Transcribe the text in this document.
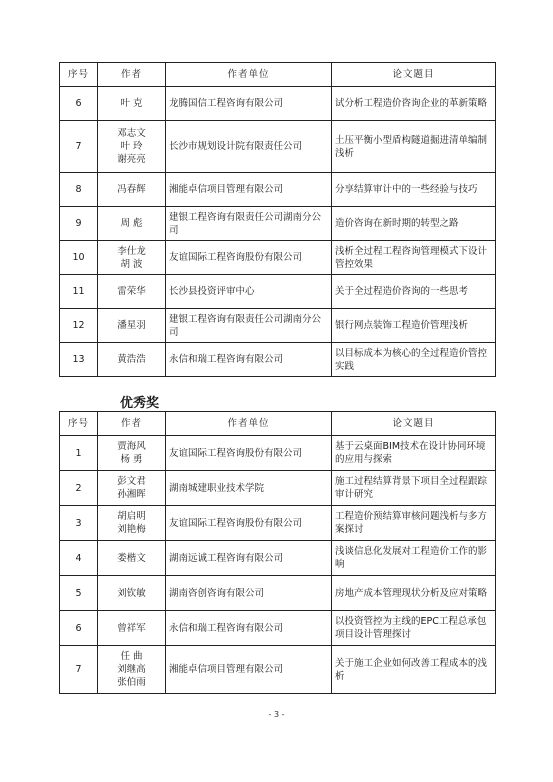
序号	作者	作者单位	论文题目
6	叶 克	龙腾国信工程咨询有限公司	试分析工程造价咨询企业的革新策略
7	邓志文
叶 玲
谢亮亮	长沙市规划设计院有限责任公司	土压平衡小型盾构隧道掘进清单编制浅析
8	冯春辉	湘能卓信项目管理有限公司	分享结算审计中的一些经验与技巧
9	周 彪	建银工程咨询有限责任公司湖南分公司	造价咨询在新时期的转型之路
10	李仕龙
胡 波	友谊国际工程咨询股份有限公司	浅析全过程工程咨询管理模式下设计管控效果
11	雷荣华	长沙县投资评审中心	关于全过程造价咨询的一些思考
12	潘星羽	建银工程咨询有限责任公司湖南分公司	银行网点装饰工程造价管理浅析
13	黄浩浩	永信和瑞工程咨询有限公司	以目标成本为核心的全过程造价管控实践

优秀奖

序号	作者	作者单位	论文题目
1	贾海风
杨 勇	友谊国际工程咨询股份有限公司	基于云桌面BIM技术在设计协同环境的应用与探索
2	彭文君
孙湘晖	湖南城建职业技术学院	施工过程结算背景下项目全过程跟踪审计研究
3	胡启明
刘艳梅	友谊国际工程咨询股份有限公司	工程造价预结算审核问题浅析与多方案探讨
4	娄楷文	湖南远诚工程咨询有限公司	浅谈信息化发展对工程造价工作的影响
5	刘钦敏	湖南咨创咨询有限公司	房地产成本管理现状分析及应对策略
6	曾祥军	永信和瑞工程咨询有限公司	以投资管控为主线的EPC工程总承包项目设计管理探讨
7	任 曲
刘继高
张伯雨	湘能卓信项目管理有限公司	关于施工企业如何改善工程成本的浅析
- 3 -
